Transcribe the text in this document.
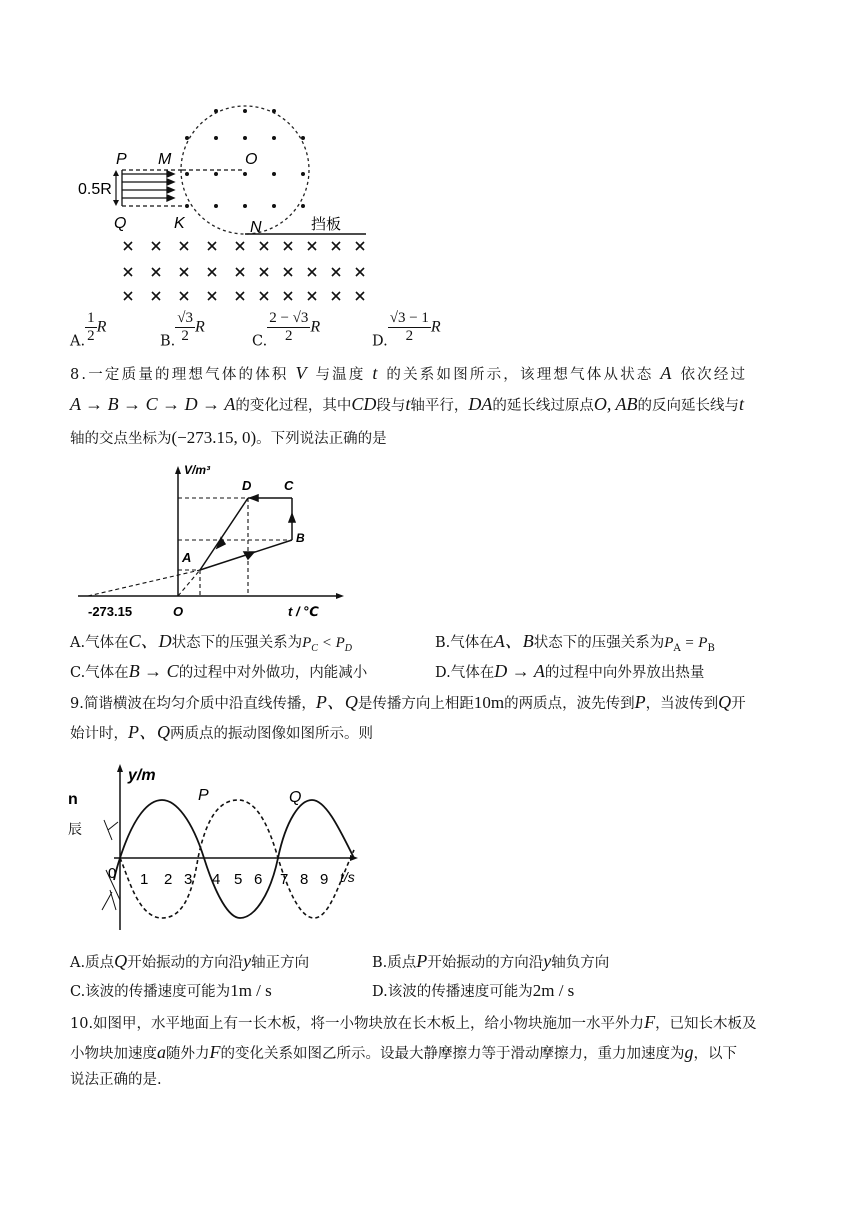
P M	O
0.5R
Q	K	N	挡板
A. $\frac{1}{2}$ R
B. $\frac{√3}{2}$ R
C. $\frac{2 - √3}{2}$ R
D. $\frac{√3 - 1}{2}$ R
8.一定质量的理想气体的体积 V 与温度 t 的关系如图所示，该理想气体从状态 A 依次经过
A → B → C → D → A的变化过程，其中CD段与t轴平行，DA的延长线过原点O, AB的反向延长线与t
轴的交点坐标为(−273.15, 0)。下列说法正确的是
V/m³
t / ℃
D	C
A
B
O
-273.15
A.气体在C、D状态下的压强关系为$P_C < P_D$	B.气体在A、B状态下的压强关系为$P_A = P_B$
C.气体在B → C的过程中对外做功，内能减小	D.气体在D → A的过程中向外界放出热量
9.简谐横波在均匀介质中沿直线传播，P、Q是传播方向上相距10m的两质点，波先传到P，当波传到Q开
始计时，P、Q两质点的振动图像如图所示。则
y/m
t/s
P	Q
n
辰
0 1 2 3 4 5 6 7 8 9
A.质点Q开始振动的方向沿y轴正方向	B.质点P开始振动的方向沿y轴负方向
C.该波的传播速度可能为1m / s	D.该波的传播速度可能为2m / s
10.如图甲，水平地面上有一长木板，将一小物块放在长木板上，给小物块施加一水平外力F，已知长木板及
小物块加速度a随外力F的变化关系如图乙所示。设最大静摩擦力等于滑动摩擦力，重力加速度为g，以下
说法正确的是.
